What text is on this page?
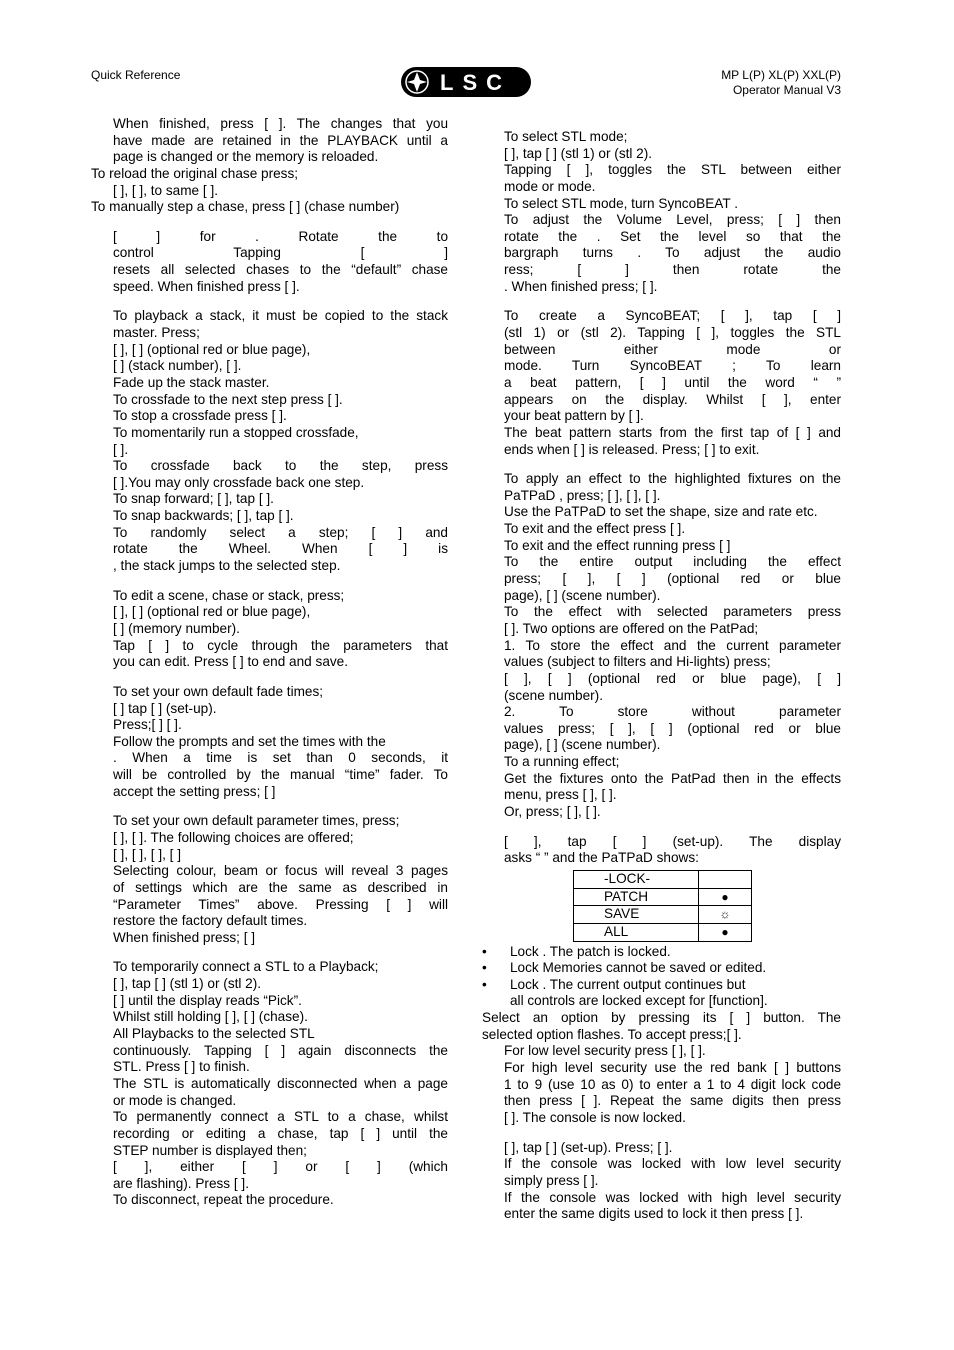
Quick Reference	LSC	MP L(P) XL(P) XXL(P)
Operator Manual V3
When finished, press [ ]. The changes that you
have made are retained in the PLAYBACK until a
page is changed or the memory is reloaded.
To reload the original chase press;
[ ], [ ], to same [ ].
To manually step a chase, press [ ] (chase number)
[ ] for . Rotate the to
control Tapping [ ]
resets all selected chases to the “default” chase
speed. When finished press [ ].
To playback a stack, it must be copied to the stack
master. Press;
[ ], [ ] (optional red or blue page),
[ ] (stack number), [ ].
Fade up the stack master.
To crossfade to the next step press [ ].
To stop a crossfade press [ ].
To momentarily run a stopped crossfade,
[ ].
To crossfade back to the step, press
[ ].You may only crossfade back one step.
To snap forward; [ ], tap [ ].
To snap backwards; [ ], tap [ ].
To randomly select a step; [ ] and
rotate the Wheel. When [ ] is
, the stack jumps to the selected step.
To edit a scene, chase or stack, press;
[ ], [ ] (optional red or blue page),
[ ] (memory number).
Tap [ ] to cycle through the parameters that
you can edit. Press [ ] to end and save.
To set your own default fade times;
[ ] tap [ ] (set-up).
Press;[ ] [ ].
Follow the prompts and set the times with the
. When a time is set than 0 seconds, it
will be controlled by the manual “time” fader. To
accept the setting press; [ ]
To set your own default parameter times, press;
[ ], [ ]. The following choices are offered;
[ ], [ ], [ ], [ ]
Selecting colour, beam or focus will reveal 3 pages
of settings which are the same as described in
“Parameter Times” above. Pressing [ ] will
restore the factory default times.
When finished press; [ ]
To temporarily connect a STL to a Playback;
[ ], tap [ ] (stl 1) or (stl 2).
[ ] until the display reads “Pick”.
Whilst still holding [ ], [ ] (chase).
All Playbacks to the selected STL
continuously. Tapping [ ] again disconnects the
STL. Press [ ] to finish.
The STL is automatically disconnected when a page
or mode is changed.
To permanently connect a STL to a chase, whilst
recording or editing a chase, tap [ ] until the
STEP number is displayed then;
[ ], either [ ] or [ ] (which
are flashing). Press [ ].
To disconnect, repeat the procedure.
To select STL mode;
[ ], tap [ ] (stl 1) or (stl 2).
Tapping [ ], toggles the STL between either
mode or mode.
To select STL mode, turn SyncoBEAT .
To adjust the Volume Level, press; [ ] then
rotate the . Set the level so that the
bargraph turns . To adjust the audio
ress; [ ] then rotate the
. When finished press; [ ].
To create a SyncoBEAT; [ ], tap [ ]
(stl 1) or (stl 2). Tapping [ ], toggles the STL
between either mode or
mode. Turn SyncoBEAT ; To learn
a beat pattern, [ ] until the word “ ”
appears on the display. Whilst [ ], enter
your beat pattern by [ ].
The beat pattern starts from the first tap of [ ] and
ends when [ ] is released. Press; [ ] to exit.
To apply an effect to the highlighted fixtures on the
PaTPaD , press; [ ], [ ], [ ].
Use the PaTPaD to set the shape, size and rate etc.
To exit and the effect press [ ].
To exit and the effect running press [ ]
To the entire output including the effect
press; [ ], [ ] (optional red or blue
page), [ ] (scene number).
To the effect with selected parameters press
[ ]. Two options are offered on the PatPad;
1. To store the effect and the current parameter
values (subject to filters and Hi-lights) press;
[ ], [ ] (optional red or blue page), [ ]
(scene number).
2. To store without parameter
values press; [ ], [ ] (optional red or blue
page), [ ] (scene number).
To a running effect;
Get the fixtures onto the PatPad then in the effects
menu, press [ ], [ ].
Or, press; [ ], [ ].
[ ], tap [ ] (set-up). The display
asks “ ” and the PaTPaD shows:
-LOCK-	
PATCH	●
SAVE	☼
ALL	●
• Lock . The patch is locked.
• Lock Memories cannot be saved or edited.
• Lock . The current output continues but
all controls are locked except for [function].
Select an option by pressing its [ ] button. The
selected option flashes. To accept press;[ ].
For low level security press [ ], [ ].
For high level security use the red bank [ ] buttons
1 to 9 (use 10 as 0) to enter a 1 to 4 digit lock code
then press [ ]. Repeat the same digits then press
[ ]. The console is now locked.
[ ], tap [ ] (set-up). Press; [ ].
If the console was locked with low level security
simply press [ ].
If the console was locked with high level security
enter the same digits used to lock it then press [ ].
